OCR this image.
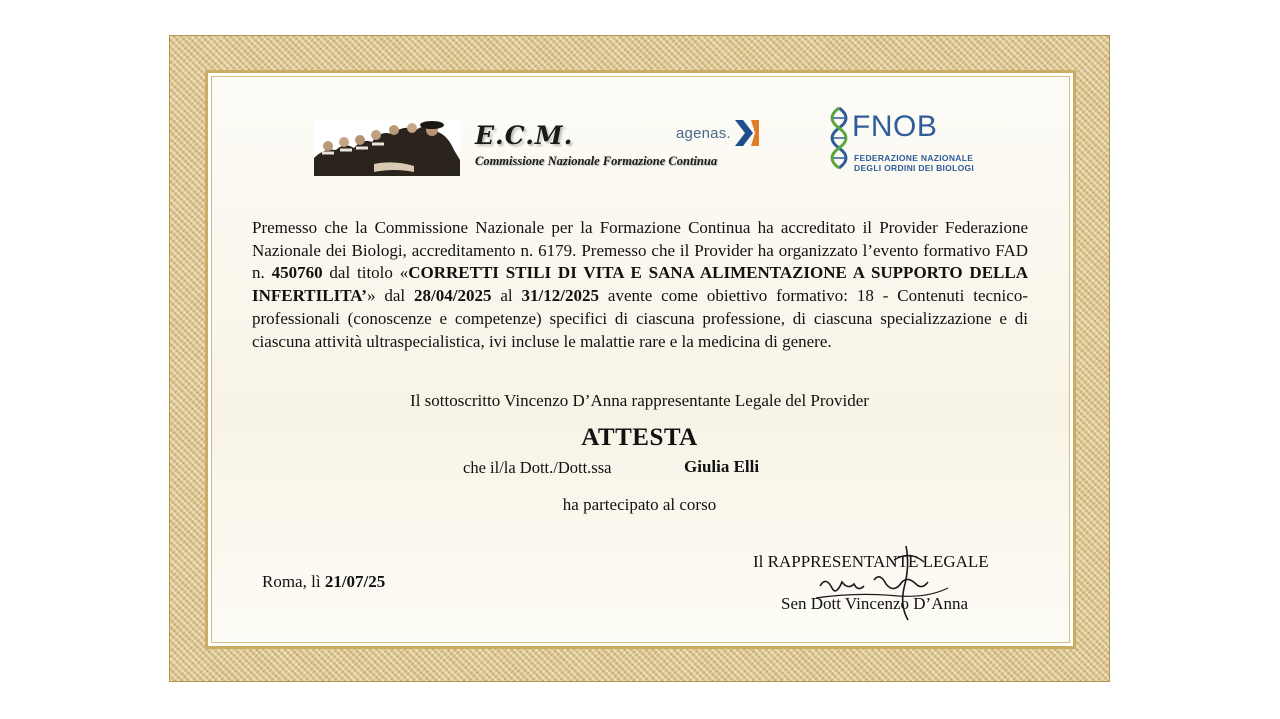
E.C.M.
Commissione Nazionale Formazione Continua
agenas.	FNOB
FEDERAZIONE NAZIONALE
DEGLI ORDINI DEI BIOLOGI
Premesso che la Commissione Nazionale per la Formazione Continua ha accreditato il Provider Federazione Nazionale dei Biologi, accreditamento n. 6179. Premesso che il Provider ha organizzato l’evento formativo FAD n. 450760 dal titolo «CORRETTI STILI DI VITA E SANA ALIMENTAZIONE A SUPPORTO DELLA INFERTILITA’» dal 28/04/2025 al 31/12/2025 avente come obiettivo formativo: 18 - Contenuti tecnico-professionali (conoscenze e competenze) specifici di ciascuna professione, di ciascuna specializzazione e di ciascuna attività ultraspecialistica, ivi incluse le malattie rare e la medicina di genere.
Il sottoscritto Vincenzo D’Anna rappresentante Legale del Provider
ATTESTA
che il/la Dott./Dott.ssa	Giulia Elli
ha partecipato al corso
Roma, lì 21/07/25
Il RAPPRESENTANTE LEGALE
Sen Dott Vincenzo D’Anna
